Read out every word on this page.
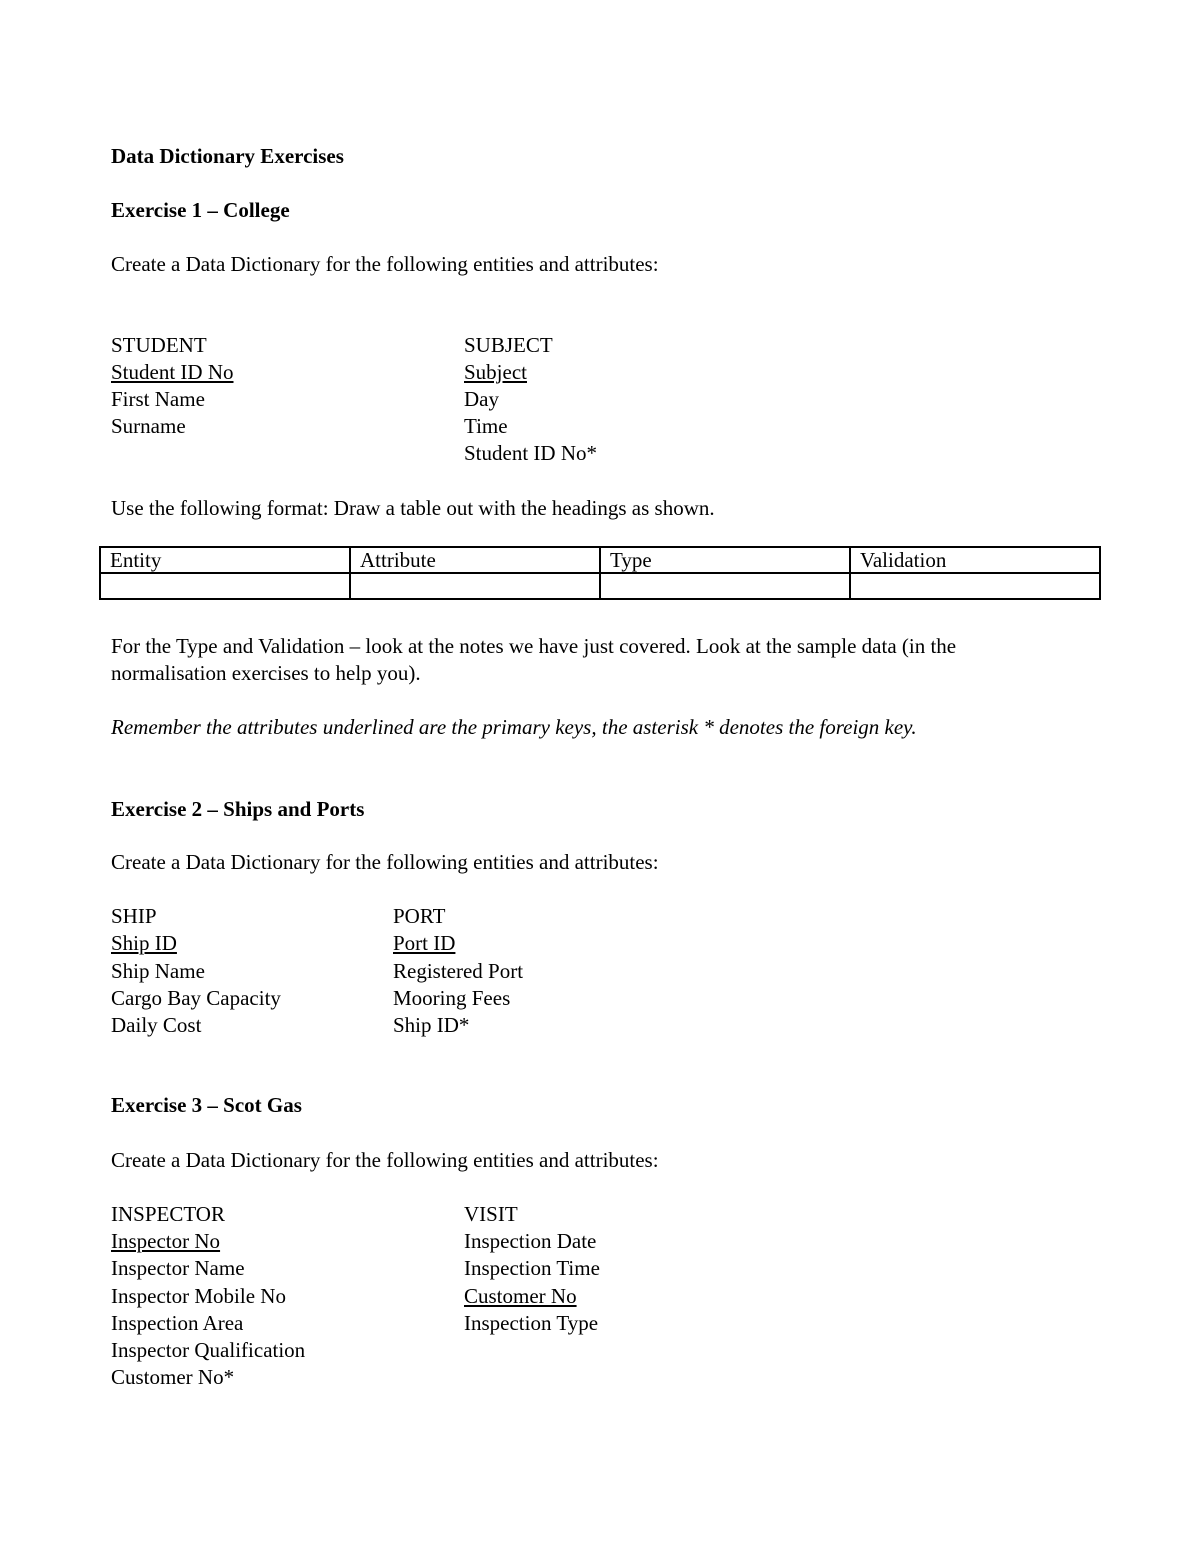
Data Dictionary Exercises
Exercise 1 – College
Create a Data Dictionary for the following entities and attributes:
STUDENT
Student ID No
First Name
Surname
SUBJECT
Subject
Day
Time
Student ID No*
Use the following format: Draw a table out with the headings as shown.
Entity	Attribute	Type	Validation

For the Type and Validation – look at the notes we have just covered. Look at the sample data (in the
normalisation exercises to help you).
Remember the attributes underlined are the primary keys, the asterisk * denotes the foreign key.
Exercise 2 – Ships and Ports
Create a Data Dictionary for the following entities and attributes:
SHIP
Ship ID
Ship Name
Cargo Bay Capacity
Daily Cost
PORT
Port ID
Registered Port
Mooring Fees
Ship ID*
Exercise 3 – Scot Gas
Create a Data Dictionary for the following entities and attributes:
INSPECTOR
Inspector No
Inspector Name
Inspector Mobile No
Inspection Area
Inspector Qualification
Customer No*
VISIT
Inspection Date
Inspection Time
Customer No
Inspection Type
